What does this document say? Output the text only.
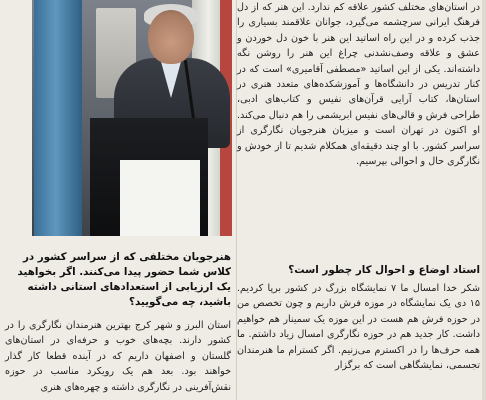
در استان‌های مختلف کشور علاقه کم ندارد. این هنر که از دل فرهنگ ایرانی سرچشمه می‌گیرد، جوانان علاقمند بسیاری را جذب کرده و در این راه اساتید این هنر با خون دل خوردن و عشق و علاقه وصف‌نشدنی چراغ این هنر را روشن نگه داشته‌اند. یکی از این اساتید «مصطفی آقامیری» است که در کنار تدریس در دانشگاه‌ها و آموزشکده‌های متعدد هنری در استان‌ها، کتاب آرایی قرآن‌های نفیس و کتاب‌های ادبی، طراحی فرش و قالی‌های نفیس ابریشمی را هم دنبال می‌کند. او اکنون در تهران است و میزبان هنرجویان نگارگری از سراسر کشور. با او چند دقیقه‌ای همکلام شدیم تا از خودش و نگارگری حال و احوالی بپرسیم.

استاد اوضاع و احوال کار چطور است؟

شکر خدا امسال ما ۷ نمایشگاه بزرگ در کشور برپا کردیم. ۱۵ دی یک نمایشگاه در موزه فرش داریم و چون تخصص من در حوزه فرش هم هست در این موزه یک سمینار هم خواهیم داشت. کار جدید هم در حوزه نگارگری امسال زیاد داشتم. ما همه حرف‌ها را در اکسترم می‌زنیم. اگر کسترام ما هنرمندان تجسمی، نمایشگاهی است که برگزار

هنرجویان مختلفی که از سراسر کشور در کلاس شما حضور پیدا می‌کنند. اگر بخواهید یک ارزیابی از استعدادهای استانی داشته باشید، چه می‌گویید؟

استان البرز و شهر کرج بهترین هنرمندان نگارگری را در کشور دارند. بچه‌های خوب و حرفه‌ای در استان‌های گلستان و اصفهان داریم که در آینده قطعا کار گذار خواهند بود. بعد هم یک رویکرد مناسب در حوزه نقش‌آفرینی در نگارگری داشته و چهره‌های هنری
